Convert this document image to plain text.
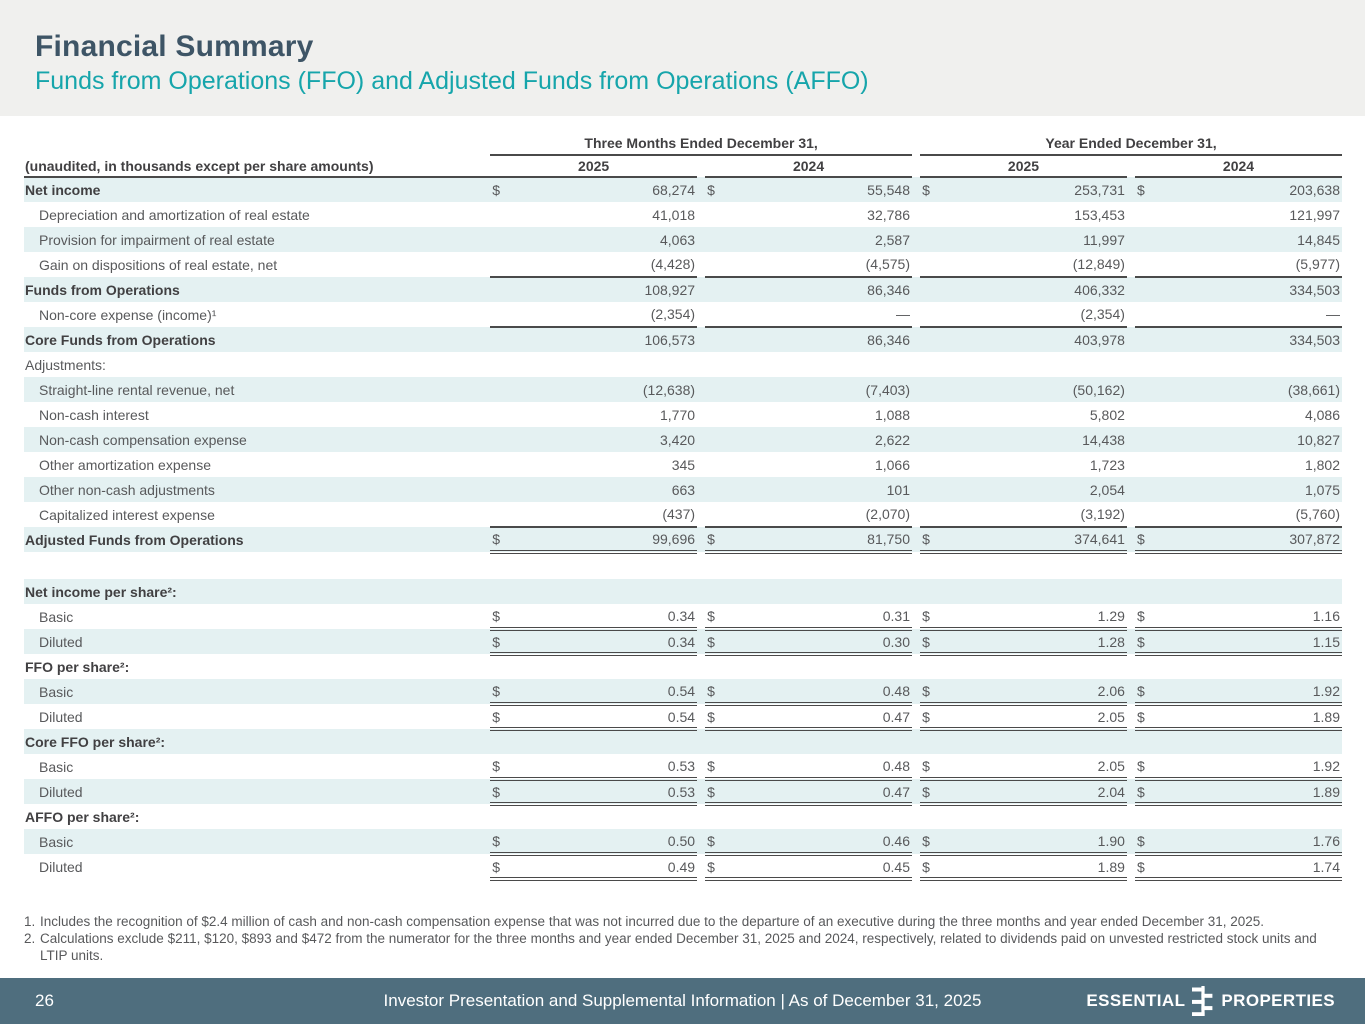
Financial Summary
Funds from Operations (FFO) and Adjusted Funds from Operations (AFFO)
	Three Months Ended December 31,						Year Ended December 31,				
(unaudited, in thousands except per share amounts)	2025			2024			2025			2024	
Net income	$	68,274		$	55,548		$	253,731		$	203,638
Depreciation and amortization of real estate		41,018			32,786			153,453			121,997
Provision for impairment of real estate		4,063			2,587			11,997			14,845
Gain on dispositions of real estate, net		(4,428)			(4,575)			(12,849)			(5,977)
Funds from Operations		108,927			86,346			406,332			334,503
Non-core expense (income)¹		(2,354)			—			(2,354)			—
Core Funds from Operations		106,573			86,346			403,978			334,503
Adjustments:											
Straight-line rental revenue, net		(12,638)			(7,403)			(50,162)			(38,661)
Non-cash interest		1,770			1,088			5,802			4,086
Non-cash compensation expense		3,420			2,622			14,438			10,827
Other amortization expense		345			1,066			1,723			1,802
Other non-cash adjustments		663			101			2,054			1,075
Capitalized interest expense		(437)			(2,070)			(3,192)			(5,760)
Adjusted Funds from Operations	$	99,696		$	81,750		$	374,641		$	307,872

Net income per share²:											
Basic	$	0.34		$	0.31		$	1.29		$	1.16
Diluted	$	0.34		$	0.30		$	1.28		$	1.15
FFO per share²:											
Basic	$	0.54		$	0.48		$	2.06		$	1.92
Diluted	$	0.54		$	0.47		$	2.05		$	1.89
Core FFO per share²:											
Basic	$	0.53		$	0.48		$	2.05		$	1.92
Diluted	$	0.53		$	0.47		$	2.04		$	1.89
AFFO per share²:											
Basic	$	0.50		$	0.46		$	1.90		$	1.76
Diluted	$	0.49		$	0.45		$	1.89		$	1.74
1. Includes the recognition of $2.4 million of cash and non-cash compensation expense that was not incurred due to the departure of an executive during the three months and year ended December 31, 2025.
2. Calculations exclude $211, $120, $893 and $472 from the numerator for the three months and year ended December 31, 2025 and 2024, respectively, related to dividends paid on unvested restricted stock units and LTIP units.
26	Investor Presentation and Supplemental Information | As of December 31, 2025	ESSENTIAL PROPERTIES
